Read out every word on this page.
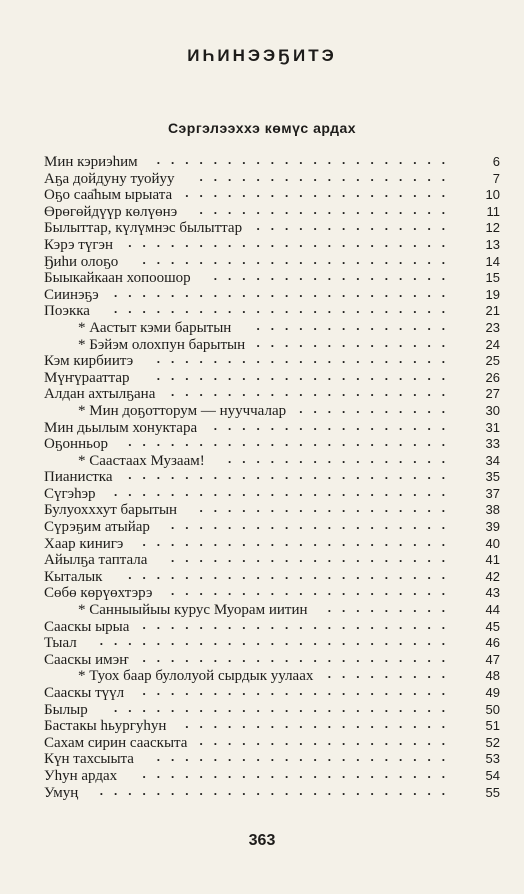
ИҺИНЭЭҔИТЭ
Сэргэлээххэ көмүс ардах
Мин кэриэһим .....................	6
Аҕа дойдуну туойуу ..................	7
Оҕо саа̄һым ырыата ................... 10
Өрөгөйдүүр көлүөнэ .................. 11
Былыттар, күлүмнэс былыттар .............. 12
Кэрэ түгэн ....................... 13
Ҕиһи олоҕо ...................... 14
Быыкайкаан хопоошор ................. 15
Сиинэҕэ ........................ 19
Поэкка ........................ 21
* Аастыт кэми барытын .............. 23
* Бэйэм олохпун барытын .............. 24
Кэм кирбиитэ ..................... 25
Мүҥүрааттар ..................... 26
Алдан ахтылҕана .................... 27
* Мин доҕотторум — нууччалар ........... 30
Мин дьылым хонуктара ................. 31
Оҕонньор ....................... 33
* Саастаах Музаам! ................ 34
Пианистка ....................... 35
Сүгэһэр ........................ 37
Булуохххут барытын .................. 38
Сүрэҕим атыйар .................... 39
Хаар кинигэ ...................... 40
Айылҕа таптала .................... 41
Кыталык ....................... 42
Сөбө көрүөхтэрэ .................... 43
* Санныыйыы курус Муорам иитин ......... 44
Сааскы ырыа ...................... 45
Тыал ......................... 46
Сааскы имэҥ ...................... 47
* Туох баар булолуой сырдык уулаах ......... 48
Сааскы түүл ...................... 49
Былыр ........................ 50
Бастакы һьургуһун ................... 51
Сахам сирин сааскыта .................. 52
Күн тахсыыта ..................... 53
Уһун ардах ...................... 54
Умуң ......................... 55
363
